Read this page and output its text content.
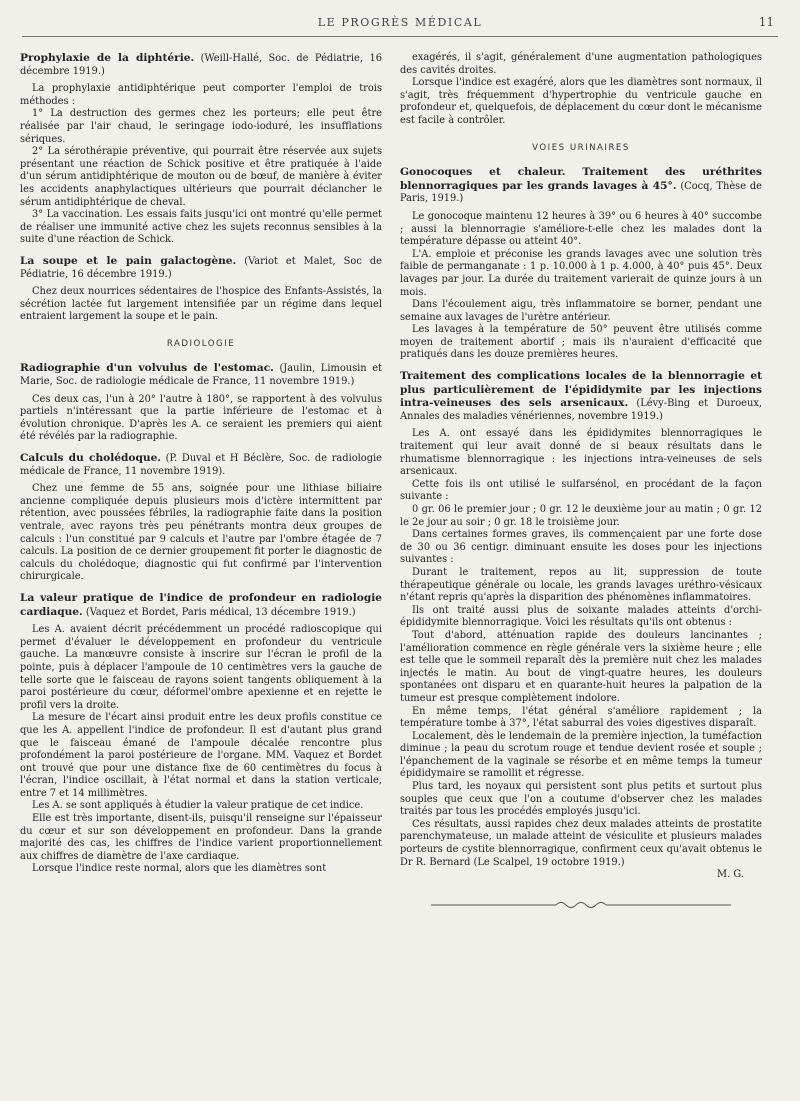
LE PROGRÈS MÉDICAL	11

Prophylaxie de la diphtérie. (Weill-Hallé, Soc. de Pédiatrie, 16 décembre 1919.)

La prophylaxie antidiphtérique peut comporter l'emploi de trois méthodes :

1° La destruction des germes chez les porteurs; elle peut être réalisée par l'air chaud, le seringage iodo-ioduré, les insufflations sériques.

2° La sérothérapie préventive, qui pourrait être réservée aux sujets présentant une réaction de Schick positive et être pratiquée à l'aide d'un sérum antidiphtérique de mouton ou de bœuf, de manière à éviter les accidents anaphylactiques ultérieurs que pourrait déclancher le sérum antidiphtérique de cheval.

3° La vaccination. Les essais faits jusqu'ici ont montré qu'elle permet de réaliser une immunité active chez les sujets reconnus sensibles à la suite d'une réaction de Schick.

La soupe et le pain galactogène. (Variot et Malet, Soc de Pédiatrie, 16 décembre 1919.)

Chez deux nourrices sédentaires de l'hospice des Enfants-Assistés, la sécrétion lactée fut largement intensifiée par un régime dans lequel entraient largement la soupe et le pain.

RADIOLOGIE

Radiographie d'un volvulus de l'estomac. (Jaulin, Limousin et Marie, Soc. de radiologie médicale de France, 11 novembre 1919.)

Ces deux cas, l'un à 20° l'autre à 180°, se rapportent à des volvulus partiels n'intéressant que la partie inférieure de l'estomac et à évolution chronique. D'après les A. ce seraient les premiers qui aient été révélés par la radiographie.

Calculs du cholédoque. (P. Duval et H Béclère, Soc. de radiologie médicale de France, 11 novembre 1919).

Chez une femme de 55 ans, soignée pour une lithiase biliaire ancienne compliquée depuis plusieurs mois d'ictère intermittent par rétention, avec poussées fébriles, la radiographie faite dans la position ventrale, avec rayons très peu pénétrants montra deux groupes de calculs : l'un constitué par 9 calculs et l'autre par l'ombre étagée de 7 calculs. La position de ce dernier groupement fit porter le diagnostic de calculs du cholédoque, diagnostic qui fut confirmé par l'intervention chirurgicale.

La valeur pratique de l'indice de profondeur en radiologie cardiaque. (Vaquez et Bordet, Paris médical, 13 décembre 1919.)

Les A. avaient décrit précédemment un procédé radioscopique qui permet d'évaluer le développement en profondeur du ventricule gauche. La manœuvre consiste à inscrire sur l'écran le profil de la pointe, puis à déplacer l'ampoule de 10 centimètres vers la gauche de telle sorte que le faisceau de rayons soient tangents obliquement à la paroi postérieure du cœur, déformel'ombre apexienne et en rejette le profil vers la droite.

La mesure de l'écart ainsi produit entre les deux profils constitue ce que les A. appellent l'indice de profondeur. Il est d'autant plus grand que le faisceau émané de l'ampoule décalée rencontre plus profondément la paroi postérieure de l'organe. MM. Vaquez et Bordet ont trouvé que pour une distance fixe de 60 centimètres du focus à l'écran, l'indice oscillait, à l'état normal et dans la station verticale, entre 7 et 14 millimètres.

Les A. se sont appliqués à étudier la valeur pratique de cet indice.

Elle est très importante, disent-ils, puisqu'il renseigne sur l'épaisseur du cœur et sur son développement en profondeur. Dans la grande majorité des cas, les chiffres de l'indice varient proportionnellement aux chiffres de diamètre de l'axe cardiaque.

Lorsque l'indice reste normal, alors que les diamètres sont

exagérés, il s'agit, généralement d'une augmentation pathologiques des cavités droites.

Lorsque l'indice est exagéré, alors que les diamètres sont normaux, il s'agit, très fréquemment d'hypertrophie du ventricule gauche en profondeur et, quelquefois, de déplacement du cœur dont le mécanisme est facile à contrôler.

VOIES URINAIRES

Gonocoques et chaleur. Traitement des uréthrites blennorragiques par les grands lavages à 45°. (Cocq, Thèse de Paris, 1919.)

Le gonocoque maintenu 12 heures à 39° ou 6 heures à 40° succombe ; aussi la blennorragie s'améliore-t-elle chez les malades dont la température dépasse ou atteint 40°.

L'A. emploie et préconise les grands lavages avec une solution très faible de permanganate : 1 p. 10.000 à 1 p. 4.000, à 40° puis 45°. Deux lavages par jour. La durée du traitement varierait de quinze jours à un mois.

Dans l'écoulement aigu, très inflammatoire se borner, pendant une semaine aux lavages de l'urètre antérieur.

Les lavages à la température de 50° peuvent être utilisés comme moyen de traitement abortif ; mais ils n'auraient d'efficacité que pratiqués dans les douze premières heures.

Traitement des complications locales de la blennorragie et plus particulièrement de l'épididymite par les injections intra-veineuses des sels arsenicaux. (Lévy-Bing et Duroeux, Annales des maladies vénériennes, novembre 1919.)

Les A. ont essayé dans les épididymites blennorragiques le traitement qui leur avait donné de si beaux résultats dans le rhumatisme blennorragique : les injections intra-veineuses de sels arsenicaux.

Cette fois ils ont utilisé le sulfarsénol, en procédant de la façon suivante :

0 gr. 06 le premier jour ; 0 gr. 12 le deuxième jour au matin ; 0 gr. 12 le 2e jour au soir ; 0 gr. 18 le troisième jour.

Dans certaines formes graves, ils commençaient par une forte dose de 30 ou 36 centigr. diminuant ensuite les doses pour les injections suivantes :

Durant le traitement, repos au lit, suppression de toute thérapeutique générale ou locale, les grands lavages uréthro-vésicaux n'étant repris qu'après la disparition des phénomènes inflammatoires.

Ils ont traité aussi plus de soixante malades atteints d'orchi-épididymite blennorragique. Voici les résultats qu'ils ont obtenus :

Tout d'abord, atténuation rapide des douleurs lancinantes ; l'amélioration commence en règle générale vers la sixième heure ; elle est telle que le sommeil reparaît dès la première nuit chez les malades injectés le matin. Au bout de vingt-quatre heures, les douleurs spontanées ont disparu et en quarante-huit heures la palpation de la tumeur est presque complètement indolore.

En même temps, l'état général s'améliore rapidement ; la température tombe à 37°, l'état saburral des voies digestives disparaît.

Localement, dès le lendemain de la première injection, la tuméfaction diminue ; la peau du scrotum rouge et tendue devient rosée et souple ; l'épanchement de la vaginale se résorbe et en même temps la tumeur épididymaire se ramollit et régresse.

Plus tard, les noyaux qui persistent sont plus petits et surtout plus souples que ceux que l'on a coutume d'observer chez les malades traités par tous les procédés employés jusqu'ici.

Ces résultats, aussi rapides chez deux malades atteints de prostatite parenchymateuse, un malade atteint de vésiculite et plusieurs malades porteurs de cystite blennorragique, confirment ceux qu'avait obtenus le Dr R. Bernard (Le Scalpel, 19 octobre 1919.)

M. G.
